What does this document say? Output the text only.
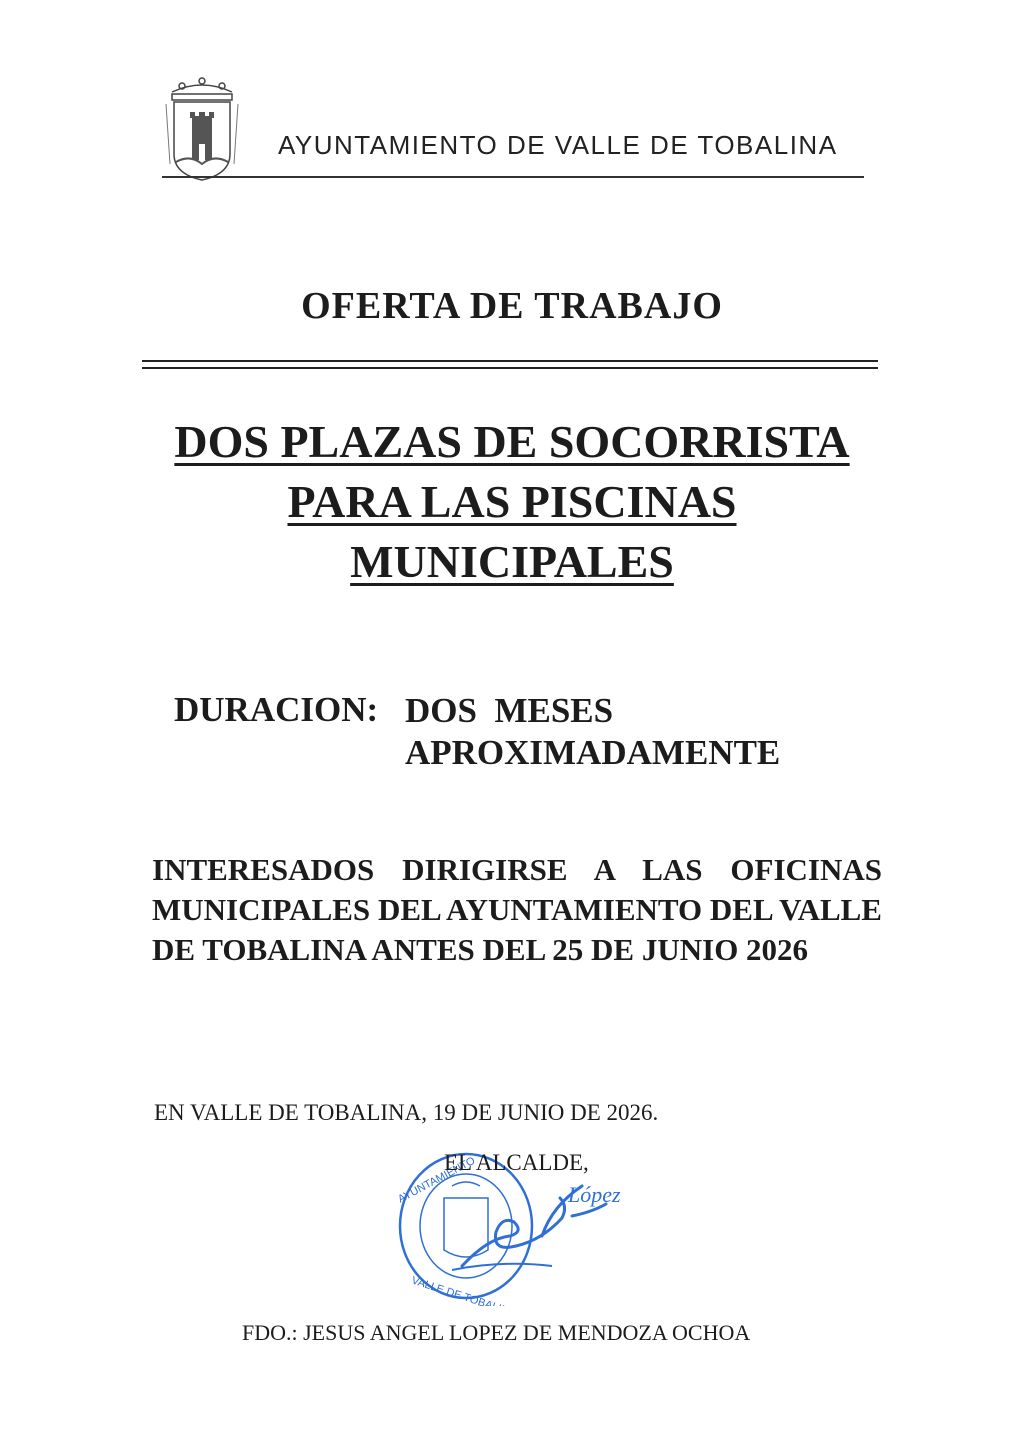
AYUNTAMIENTO DE VALLE DE TOBALINA
OFERTA DE TRABAJO
DOS PLAZAS DE SOCORRISTA
PARA LAS PISCINAS
MUNICIPALES
DURACION: DOS  MESES
APROXIMADAMENTE
INTERESADOS DIRIGIRSE A LAS OFICINAS MUNICIPALES DEL AYUNTAMIENTO DEL VALLE DE TOBALINA ANTES DEL 25 DE JUNIO 2026
EN VALLE DE TOBALINA, 19 DE JUNIO DE 2026.
AYUNTAMIENTO
VALLE DE TOBALINA
López
EL ALCALDE,
FDO.: JESUS ANGEL LOPEZ DE MENDOZA OCHOA
